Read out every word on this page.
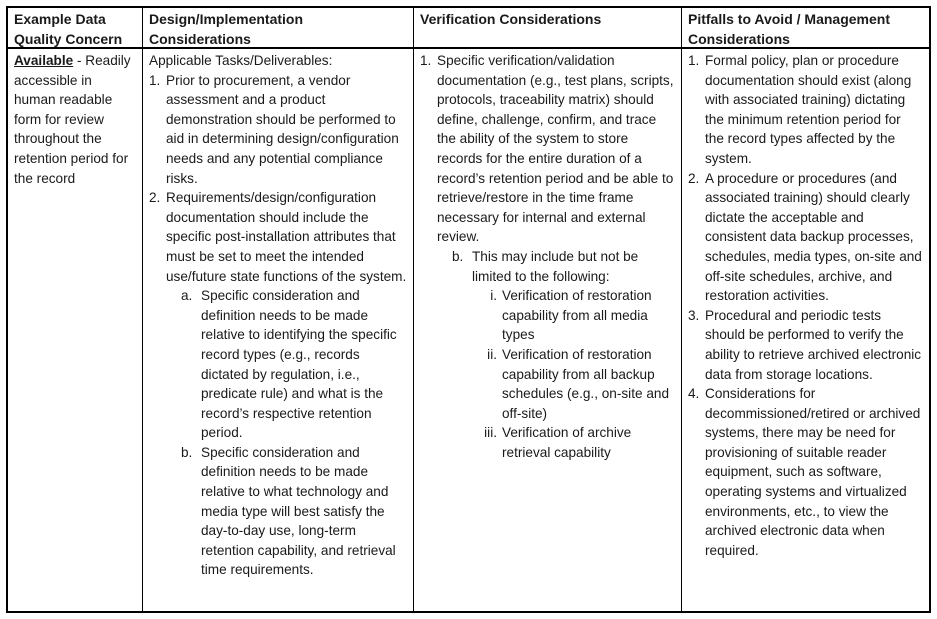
Example Data Quality Concern
Design/Implementation Considerations
Verification Considerations	Pitfalls to Avoid / Management Considerations
Available - Readily accessible in human readable form for review throughout the retention period for the record
Applicable Tasks/Deliverables:
1. Prior to procurement, a vendor assessment and a product demonstration should be performed to aid in determining design/configuration needs and any potential compliance risks.
2. Requirements/design/configuration documentation should include the specific post-installation attributes that must be set to meet the intended use/future state functions of the system.
a. Specific consideration and definition needs to be made relative to identifying the specific record types (e.g., records dictated by regulation, i.e., predicate rule) and what is the record’s respective retention period.
b. Specific consideration and definition needs to be made relative to what technology and media type will best satisfy the day-to-day use, long-term retention capability, and retrieval time requirements.
1. Specific verification/validation documentation (e.g., test plans, scripts, protocols, traceability matrix) should define, challenge, confirm, and trace the ability of the system to store records for the entire duration of a record’s retention period and be able to retrieve/restore in the time frame necessary for internal and external review.
b. This may include but not be limited to the following:
i. Verification of restoration capability from all media types
ii. Verification of restoration capability from all backup schedules (e.g., on-site and off-site)
iii. Verification of archive retrieval capability
1. Formal policy, plan or procedure documentation should exist (along with associated training) dictating the minimum retention period for the record types affected by the system.
2. A procedure or procedures (and associated training) should clearly dictate the acceptable and consistent data backup processes, schedules, media types, on-site and off-site schedules, archive, and restoration activities.
3. Procedural and periodic tests should be performed to verify the ability to retrieve archived electronic data from storage locations.
4. Considerations for decommissioned/retired or archived systems, there may be need for provisioning of suitable reader equipment, such as software, operating systems and virtualized environments, etc., to view the archived electronic data when required.
